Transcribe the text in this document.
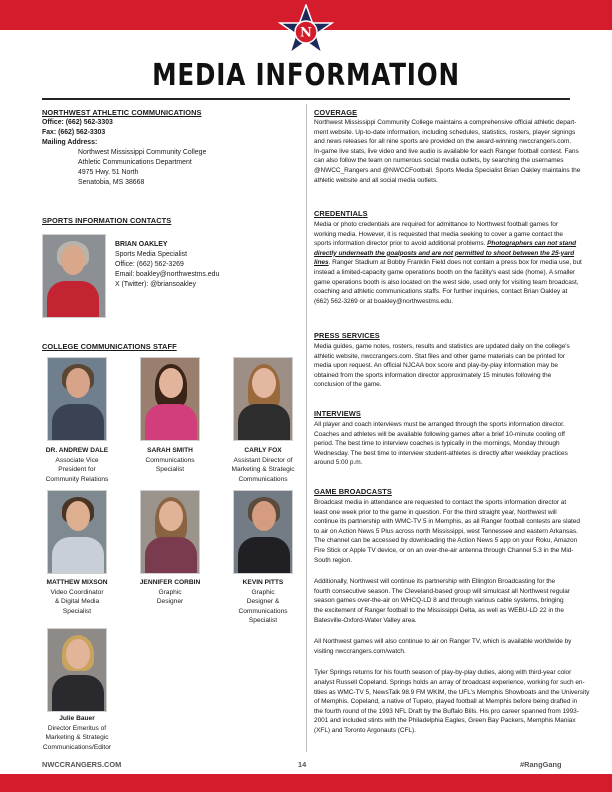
N
MEDIA INFORMATION
NORTHWEST ATHLETIC COMMUNICATIONS
Office: (662) 562-3303
Fax: (662) 562-3303
Mailing Address:
Northwest Mississippi Community College
Athletic Communications Department
4975 Hwy. 51 North
Senatobia, MS 38668
SPORTS INFORMATION CONTACTS
BRIAN OAKLEY
Sports Media Specialist
Office: (662) 562-3269
Email: boakley@northwestms.edu
X (Twitter): @briansoakley
COLLEGE COMMUNICATIONS STAFF
DR. ANDREW DALE
Associate Vice
President for
Community Relations
SARAH SMITH
Communications
Specialist
CARLY FOX
Assistant Director of
Marketing & Strategic
Communications
MATTHEW MIXSON
Video Coordinator
& Digital Media
Specialist
JENNIFER CORBIN
Graphic
Designer
KEVIN PITTS
Graphic
Designer &
Communications
Specialist
Julie Bauer
Director Emeritus of
Marketing & Strategic
Communications/Editor
COVERAGE
Northwest Mississippi Community College maintains a comprehensive official athletic depart-
ment website. Up-to-date information, including schedules, statistics, rosters, player signings
and news releases for all nine sports are provided on the award-winning nwccrangers.com.
In-game live stats, live video and live audio is available for each Ranger football contest. Fans
can also follow the team on numerous social media outlets, by searching the usernames
@NWCC_Rangers and @NWCCFootball. Sports Media Specialist Brian Oakley maintains the
athletic website and all social media outlets.
CREDENTIALS
Media or photo credentials are required for admittance to Northwest football games for
working media. However, it is requested that media seeking to cover a game contact the
sports information director prior to avoid additional problems. Photographers can not stand
directly underneath the goalposts and are not permitted to shoot between the 25-yard
lines. Ranger Stadium at Bobby Franklin Field does not contain a press box for media use, but
instead a limited-capacity game operations booth on the facility's east side (home). A smaller
game operations booth is also located on the west side, used only for visiting team broadcast,
coaching and athletic communications staffs. For further inquiries, contact Brian Oakley at
(662) 562-3269 or at boakley@northwestms.edu.
PRESS SERVICES
Media guides, game notes, rosters, results and statistics are updated daily on the college's
athletic website, nwccrangers.com. Stat files and other game materials can be printed for
media upon request. An official NJCAA box score and play-by-play information may be
obtained from the sports information director approximately 15 minutes following the
conclusion of the game.
INTERVIEWS
All player and coach interviews must be arranged through the sports information director.
Coaches and athletes will be available following games after a brief 10-minute cooling off
period. The best time to interview coaches is typically in the mornings, Monday through
Wednesday. The best time to interview student-athletes is directly after weekday practices
around 5:00 p.m.
GAME BROADCASTS
Broadcast media in attendance are requested to contact the sports information director at
least one week prior to the game in question. For the third straight year, Northwest will
continue its partnership with WMC-TV 5 in Memphis, as all Ranger football contests are slated
to air on Action News 5 Plus across north Mississippi, west Tennessee and eastern Arkansas.
The channel can be accessed by downloading the Action News 5 app on your Roku, Amazon
Fire Stick or Apple TV device, or on an over-the-air antenna through Channel 5.3 in the Mid-
South region.
Additionally, Northwest will continue its partnership with Ellington Broadcasting for the
fourth consecutive season. The Cleveland-based group will simulcast all Northwest regular
season games over-the-air on WHCQ-LD 8 and through various cable systems, bringing
the excitement of Ranger football to the Mississippi Delta, as well as WEBU-LD 22 in the
Batesville-Oxford-Water Valley area.
All Northwest games will also continue to air on Ranger TV, which is available worldwide by
visiting nwccrangers.com/watch.
Tyler Springs returns for his fourth season of play-by-play duties, along with third-year color
analyst Russell Copeland. Springs holds an array of broadcast experience, working for such en-
tities as WMC-TV 5, NewsTalk 98.9 FM WKIM, the UFL's Memphis Showboats and the University
of Memphis. Copeland, a native of Tupelo, played football at Memphis before being drafted in
the fourth round of the 1993 NFL Draft by the Buffalo Bills. His pro career spanned from 1993-
2001 and included stints with the Philadelphia Eagles, Green Bay Packers, Memphis Maniax
(XFL) and Toronto Argonauts (CFL).
NWCCRANGERS.COM	14	#RangGang
